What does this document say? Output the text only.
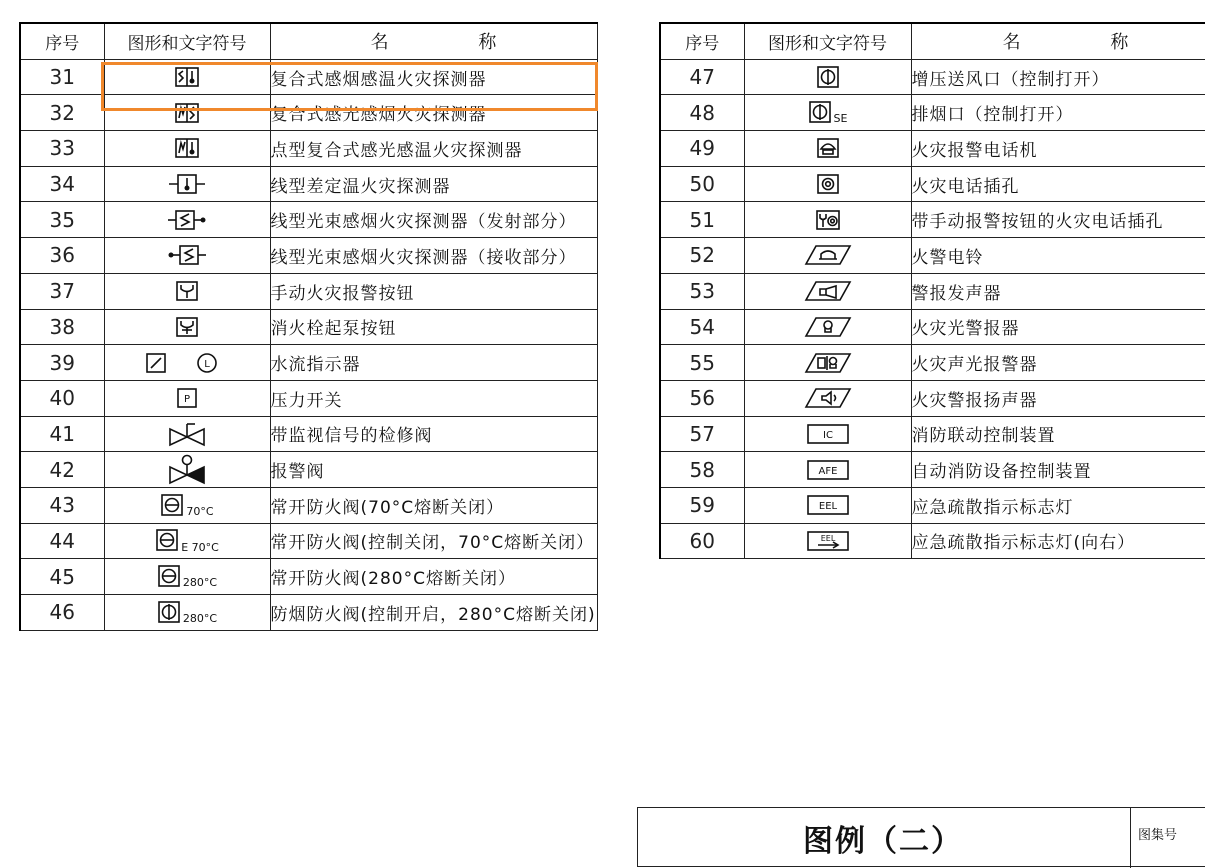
序号	图形和文字符号	名 称
31		复合式感烟感温火灾探测器
32		复合式感光感烟火灾探测器
33		点型复合式感光感温火灾探测器
34		线型差定温火灾探测器
35		线型光束感烟火灾探测器（发射部分）
36		线型光束感烟火灾探测器（接收部分）
37		手动火灾报警按钮
38		消火栓起泵按钮
39	L	水流指示器
40	P	压力开关
41		带监视信号的检修阀
42		报警阀
43	$_{70^\circ C}$	常开防火阀(70°C熔断关闭）
44	$_{E 70^\circ C}$	常开防火阀(控制关闭，70°C熔断关闭）
45	$_{280^\circ C}$	常开防火阀(280°C熔断关闭）
46	$_{280^\circ C}$	防烟防火阀(控制开启，280°C熔断关闭)
序号	图形和文字符号	名 称
47		增压送风口（控制打开）
48	$_{SE}$	排烟口（控制打开）
49		火灾报警电话机
50		火灾电话插孔
51		带手动报警按钮的火灾电话插孔
52		火警电铃
53		警报发声器
54		火灾光警报器
55		火灾声光报警器
56		火灾警报扬声器
57	IC	消防联动控制装置
58	AFE	自动消防设备控制装置
59	EEL	应急疏散指示标志灯
60	EEL	应急疏散指示标志灯(向右）
图例（二）	图集号
